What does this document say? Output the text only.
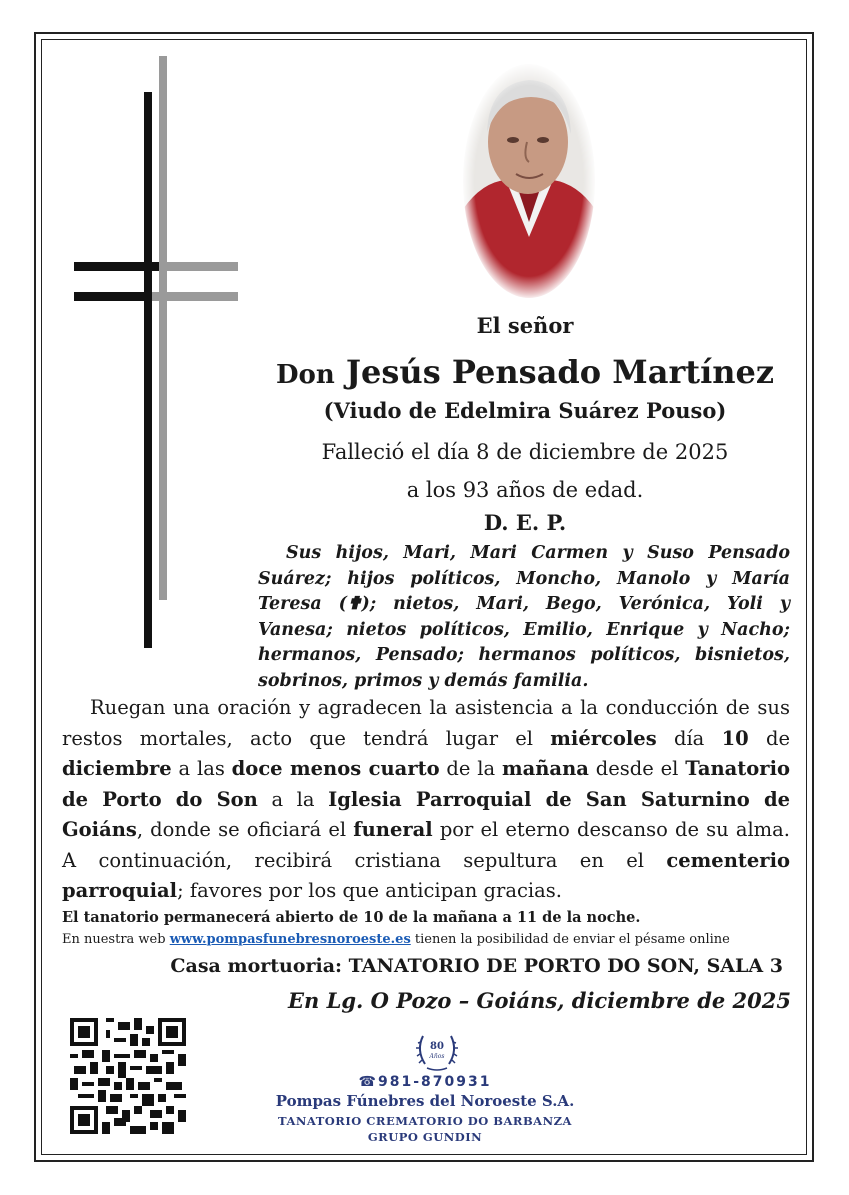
El señor
Don Jesús Pensado Martínez
(Viudo de Edelmira Suárez Pouso)
Falleció el día 8 de diciembre de 2025
a los 93 años de edad.
D. E. P.

Sus hijos, Mari, Mari Carmen y Suso Pensado Suárez; hijos políticos, Moncho, Manolo y María Teresa (✟); nietos, Mari, Bego, Verónica, Yoli y Vanesa; nietos políticos, Emilio, Enrique y Nacho; hermanos, Pensado; hermanos políticos, bisnietos, sobrinos, primos y demás familia.

Ruegan una oración y agradecen la asistencia a la conducción de sus restos mortales, acto que tendrá lugar el miércoles día 10 de diciembre a las doce menos cuarto de la mañana desde el Tanatorio de Porto do Son a la Iglesia Parroquial de San Saturnino de Goiáns, donde se oficiará el funeral por el eterno descanso de su alma. A continuación, recibirá cristiana sepultura en el cementerio parroquial; favores por los que anticipan gracias.

El tanatorio permanecerá abierto de 10 de la mañana a 11 de la noche.
En nuestra web www.pompasfunebresnoroeste.es tienen la posibilidad de enviar el pésame online
Casa mortuoria: TANATORIO DE PORTO DO SON, SALA 3
En Lg. O Pozo – Goiáns, diciembre de 2025
80
Años
☎981-870931
Pompas Fúnebres del Noroeste S.A.
TANATORIO CREMATORIO DO BARBANZA
GRUPO GUNDIN
